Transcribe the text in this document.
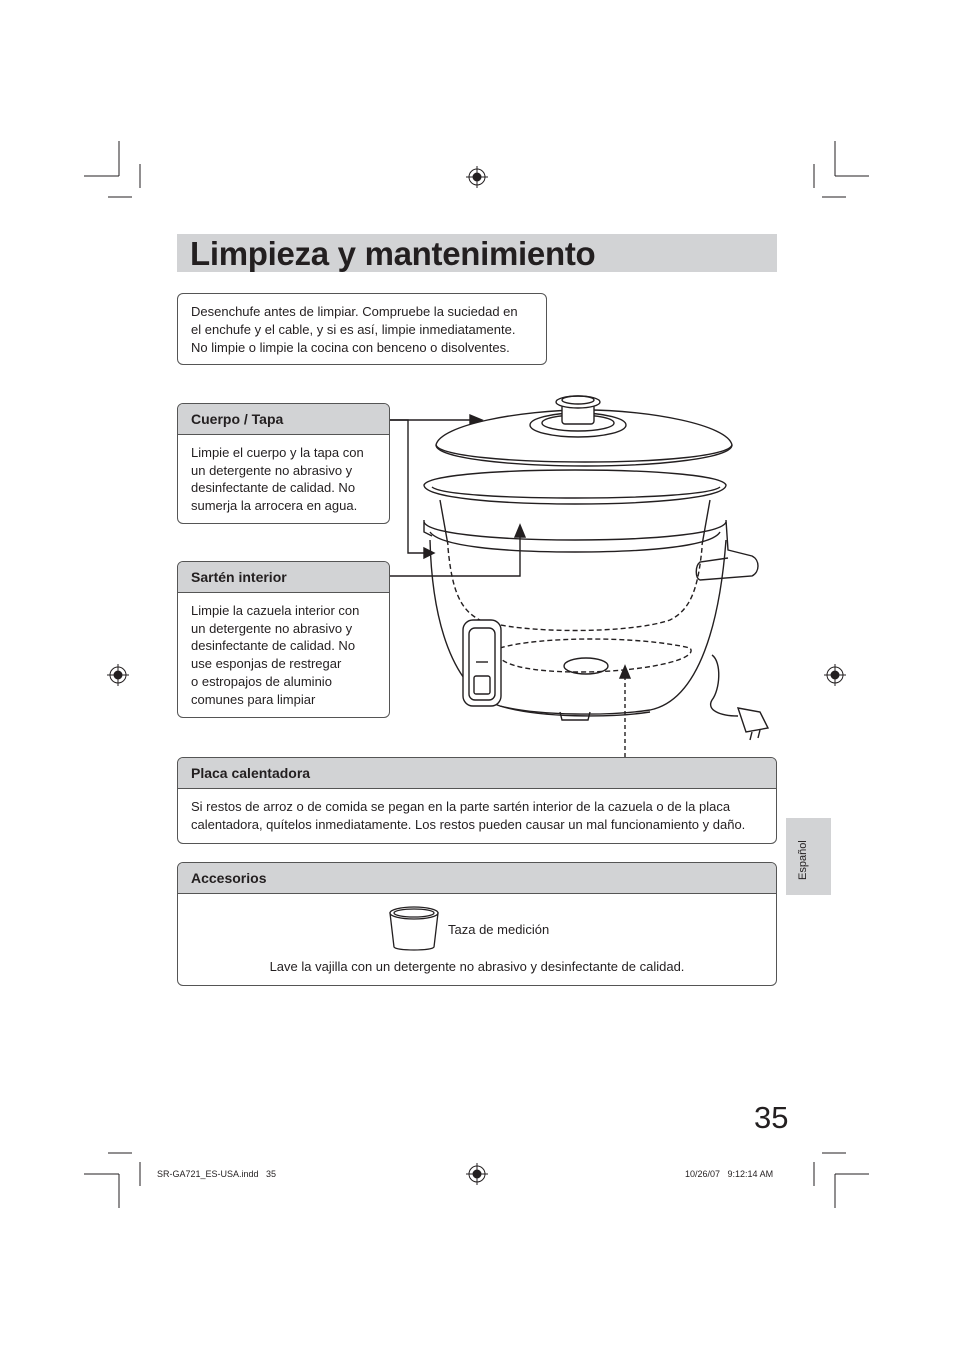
Limpieza y mantenimiento
Desenchufe antes de limpiar. Compruebe la suciedad en
el enchufe y el cable, y si es así, limpie inmediatamente.
No limpie o limpie la cocina con benceno o disolventes.
Cuerpo / Tapa
Limpie el cuerpo y la tapa con
un detergente no abrasivo y
desinfectante de calidad. No
sumerja la arrocera en agua.
Sartén interior
Limpie la cazuela interior con
un detergente no abrasivo y
desinfectante de calidad. No
use esponjas de restregar
o estropajos de aluminio
comunes para limpiar
Placa calentadora
Si restos de arroz o de comida se pegan en la parte sartén interior de la cazuela o de la placa
calentadora, quítelos inmediatamente. Los restos pueden causar un mal funcionamiento y daño.
Accesorios
Taza de medición
Lave la vajilla con un detergente no abrasivo y desinfectante de calidad.
Español
35
SR-GA721_ES-USA.indd   35	10/26/07   9:12:14 AM
